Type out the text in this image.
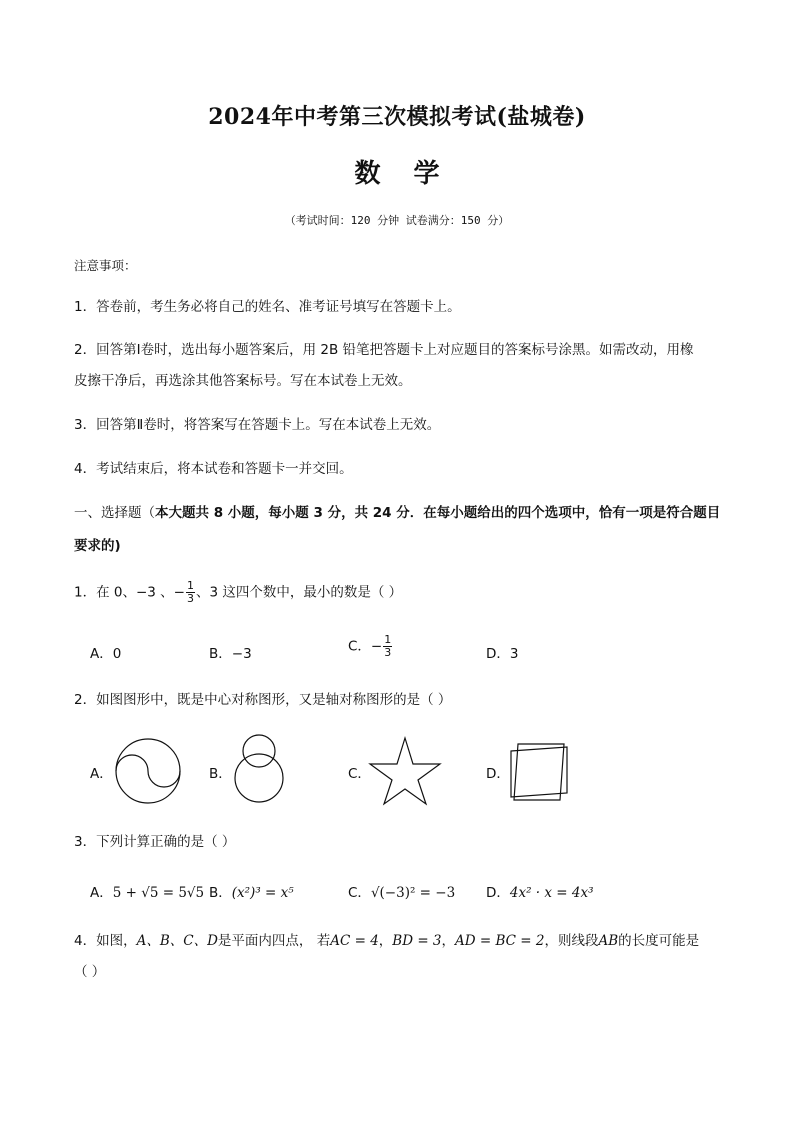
2024年中考第三次模拟考试(盐城卷)
数 学
（考试时间：120 分钟 试卷满分：150 分）
注意事项：
1．答卷前，考生务必将自己的姓名、准考证号填写在答题卡上。
2．回答第Ⅰ卷时，选出每小题答案后，用 2B 铅笔把答题卡上对应题目的答案标号涂黑。如需改动，用橡
皮擦干净后，再选涂其他答案标号。写在本试卷上无效。
3．回答第Ⅱ卷时，将答案写在答题卡上。写在本试卷上无效。
4．考试结束后，将本试卷和答题卡一并交回。
一、选择题（本大题共 8 小题，每小题 3 分，共 24 分．在每小题给出的四个选项中，恰有一项是符合题目
要求的)
1．在 0、−3 、− $\frac{1}{3}$ 、3 这四个数中，最小的数是（ ）
A．0	B．−3	C．− $\frac{1}{3}$	D．3
2．如图图形中，既是中心对称图形，又是轴对称图形的是（ ）
A．	B．	C．	D．
3．下列计算正确的是（ ）
A．5 + √5 = 5√5 B．(x²)³ = x⁵	C．√(−3)² = −3 D．4x² · x = 4x³
4．如图，A、B、C、D是平面内四点， 若AC = 4，BD = 3，AD = BC = 2，则线段AB的长度可能是
（ ）
